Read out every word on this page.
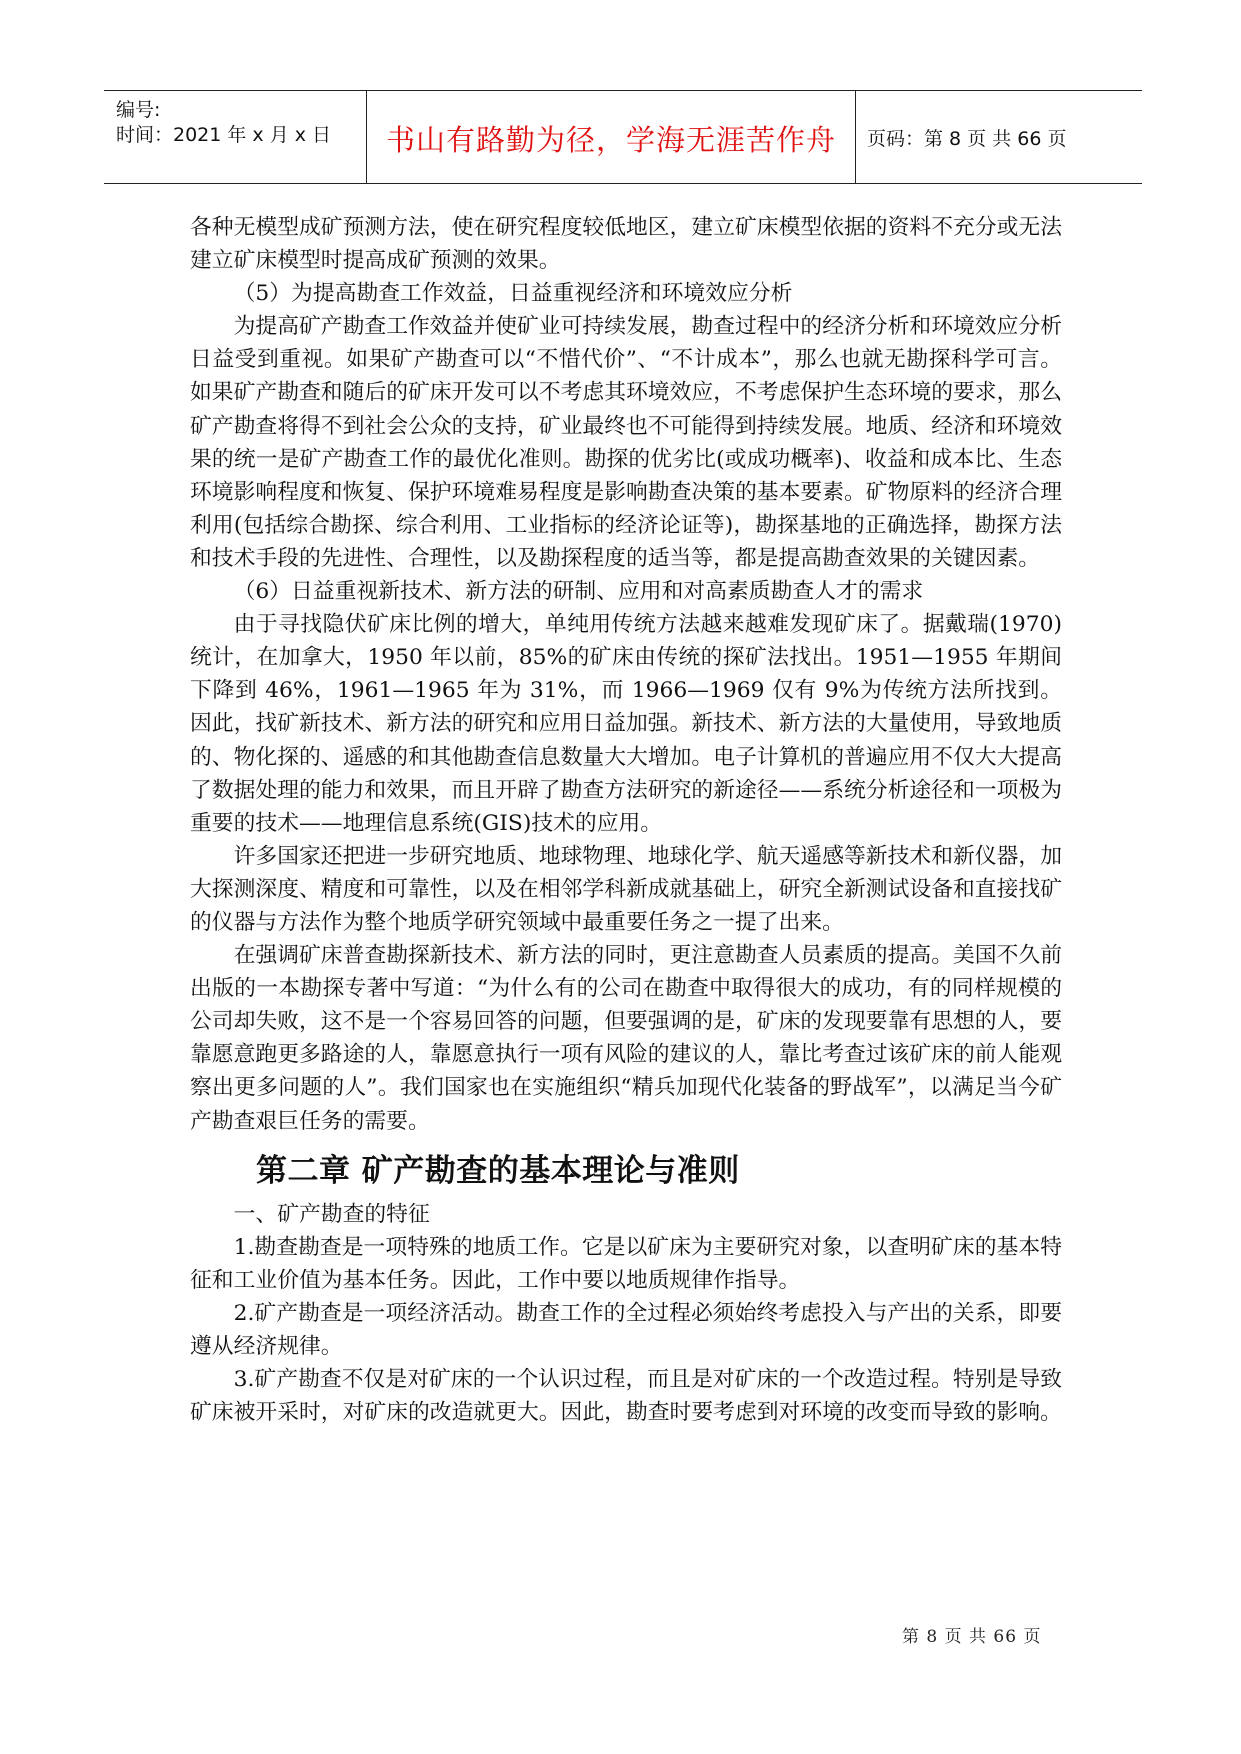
编号:
时间：2021 年 x 月 x 日	书山有路勤为径，学海无涯苦作舟	页码：第 8 页 共 66 页

各种无模型成矿预测方法，使在研究程度较低地区，建立矿床模型依据的资料不充分或无法建立矿床模型时提高成矿预测的效果。

（5）为提高勘查工作效益，日益重视经济和环境效应分析

为提高矿产勘查工作效益并使矿业可持续发展，勘查过程中的经济分析和环境效应分析日益受到重视。如果矿产勘查可以“不惜代价”、“不计成本”，那么也就无勘探科学可言。如果矿产勘查和随后的矿床开发可以不考虑其环境效应，不考虑保护生态环境的要求，那么矿产勘查将得不到社会公众的支持，矿业最终也不可能得到持续发展。地质、经济和环境效果的统一是矿产勘查工作的最优化准则。勘探的优劣比(或成功概率)、收益和成本比、生态环境影响程度和恢复、保护环境难易程度是影响勘查决策的基本要素。矿物原料的经济合理利用(包括综合勘探、综合利用、工业指标的经济论证等)，勘探基地的正确选择，勘探方法和技术手段的先进性、合理性，以及勘探程度的适当等，都是提高勘查效果的关键因素。

（6）日益重视新技术、新方法的研制、应用和对高素质勘查人才的需求

由于寻找隐伏矿床比例的增大，单纯用传统方法越来越难发现矿床了。据戴瑞(1970)统计，在加拿大，1950 年以前，85%的矿床由传统的探矿法找出。1951—1955 年期间下降到 46%，1961—1965 年为 31%，而 1966—1969 仅有 9%为传统方法所找到。因此，找矿新技术、新方法的研究和应用日益加强。新技术、新方法的大量使用，导致地质的、物化探的、遥感的和其他勘查信息数量大大增加。电子计算机的普遍应用不仅大大提高了数据处理的能力和效果，而且开辟了勘查方法研究的新途径——系统分析途径和一项极为重要的技术——地理信息系统(GIS)技术的应用。

许多国家还把进一步研究地质、地球物理、地球化学、航天遥感等新技术和新仪器，加大探测深度、精度和可靠性，以及在相邻学科新成就基础上，研究全新测试设备和直接找矿的仪器与方法作为整个地质学研究领域中最重要任务之一提了出来。

在强调矿床普查勘探新技术、新方法的同时，更注意勘查人员素质的提高。美国不久前出版的一本勘探专著中写道：“为什么有的公司在勘查中取得很大的成功，有的同样规模的公司却失败，这不是一个容易回答的问题，但要强调的是，矿床的发现要靠有思想的人，要靠愿意跑更多路途的人，靠愿意执行一项有风险的建议的人，靠比考查过该矿床的前人能观察出更多问题的人”。我们国家也在实施组织“精兵加现代化装备的野战军”，以满足当今矿产勘查艰巨任务的需要。

第二章 矿产勘查的基本理论与准则

一、矿产勘查的特征

1.勘查勘查是一项特殊的地质工作。它是以矿床为主要研究对象，以查明矿床的基本特征和工业价值为基本任务。因此，工作中要以地质规律作指导。

2.矿产勘查是一项经济活动。勘查工作的全过程必须始终考虑投入与产出的关系，即要遵从经济规律。

3.矿产勘查不仅是对矿床的一个认识过程，而且是对矿床的一个改造过程。特别是导致矿床被开采时，对矿床的改造就更大。因此，勘查时要考虑到对环境的改变而导致的影响。

第 8 页 共 66 页
